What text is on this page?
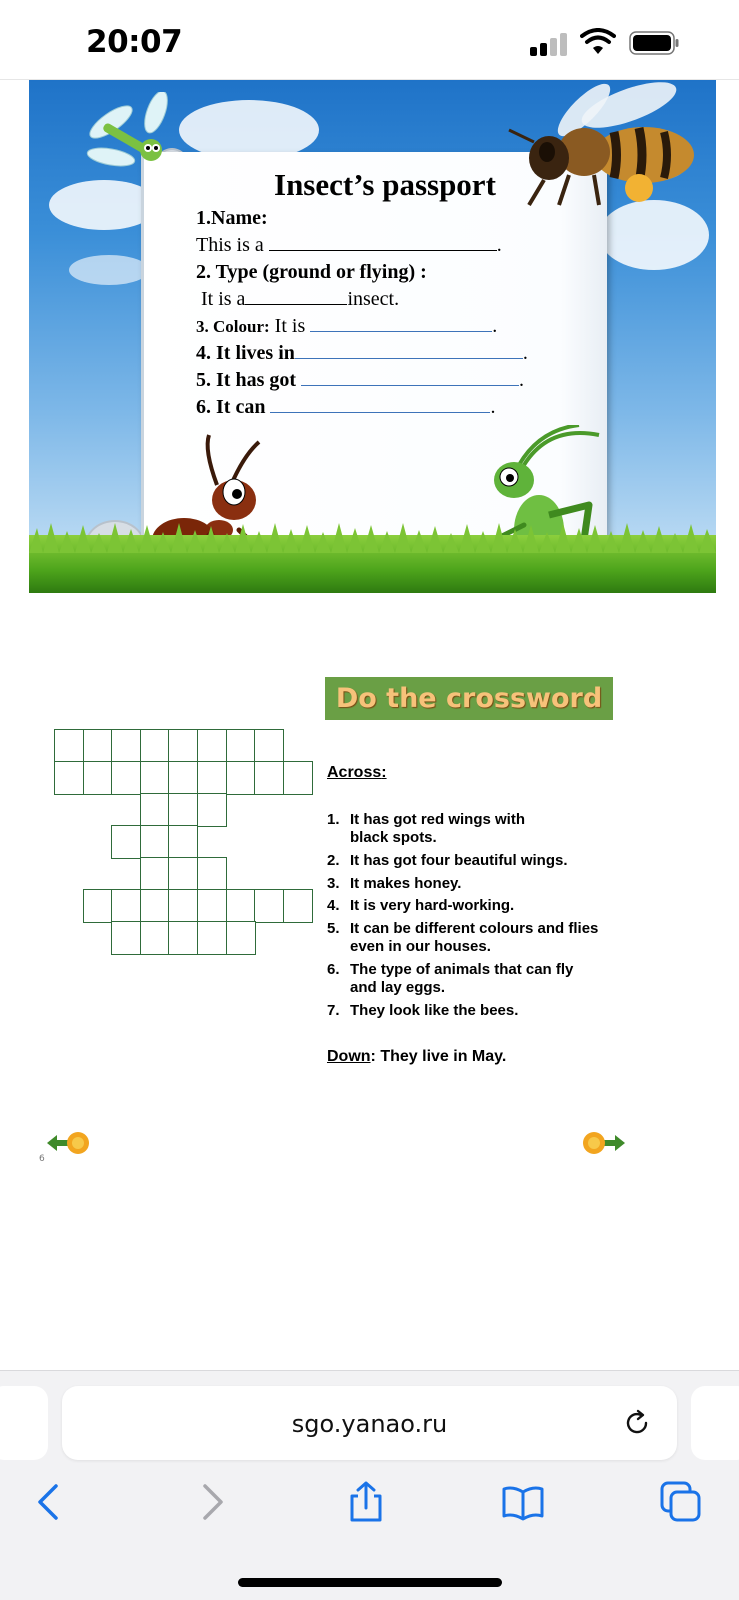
20:07
Insect’s passport
1.Name:
This is a	.
2. Type (ground or flying) :
It is a	insect.
3. Colour: It is	.
4. It lives in	.
5. It has got	.
6. It can	.
Do the crossword
Across:
1. It has got red wings with black spots.
2. It has got four beautiful wings.
3. It makes honey.
4. It is very hard-working.
5. It can be different colours and flies even in our houses.
6. The type of animals that can fly and lay eggs.
7. They look like the bees.
Down: They live in May.
6
sgo.yanao.ru
